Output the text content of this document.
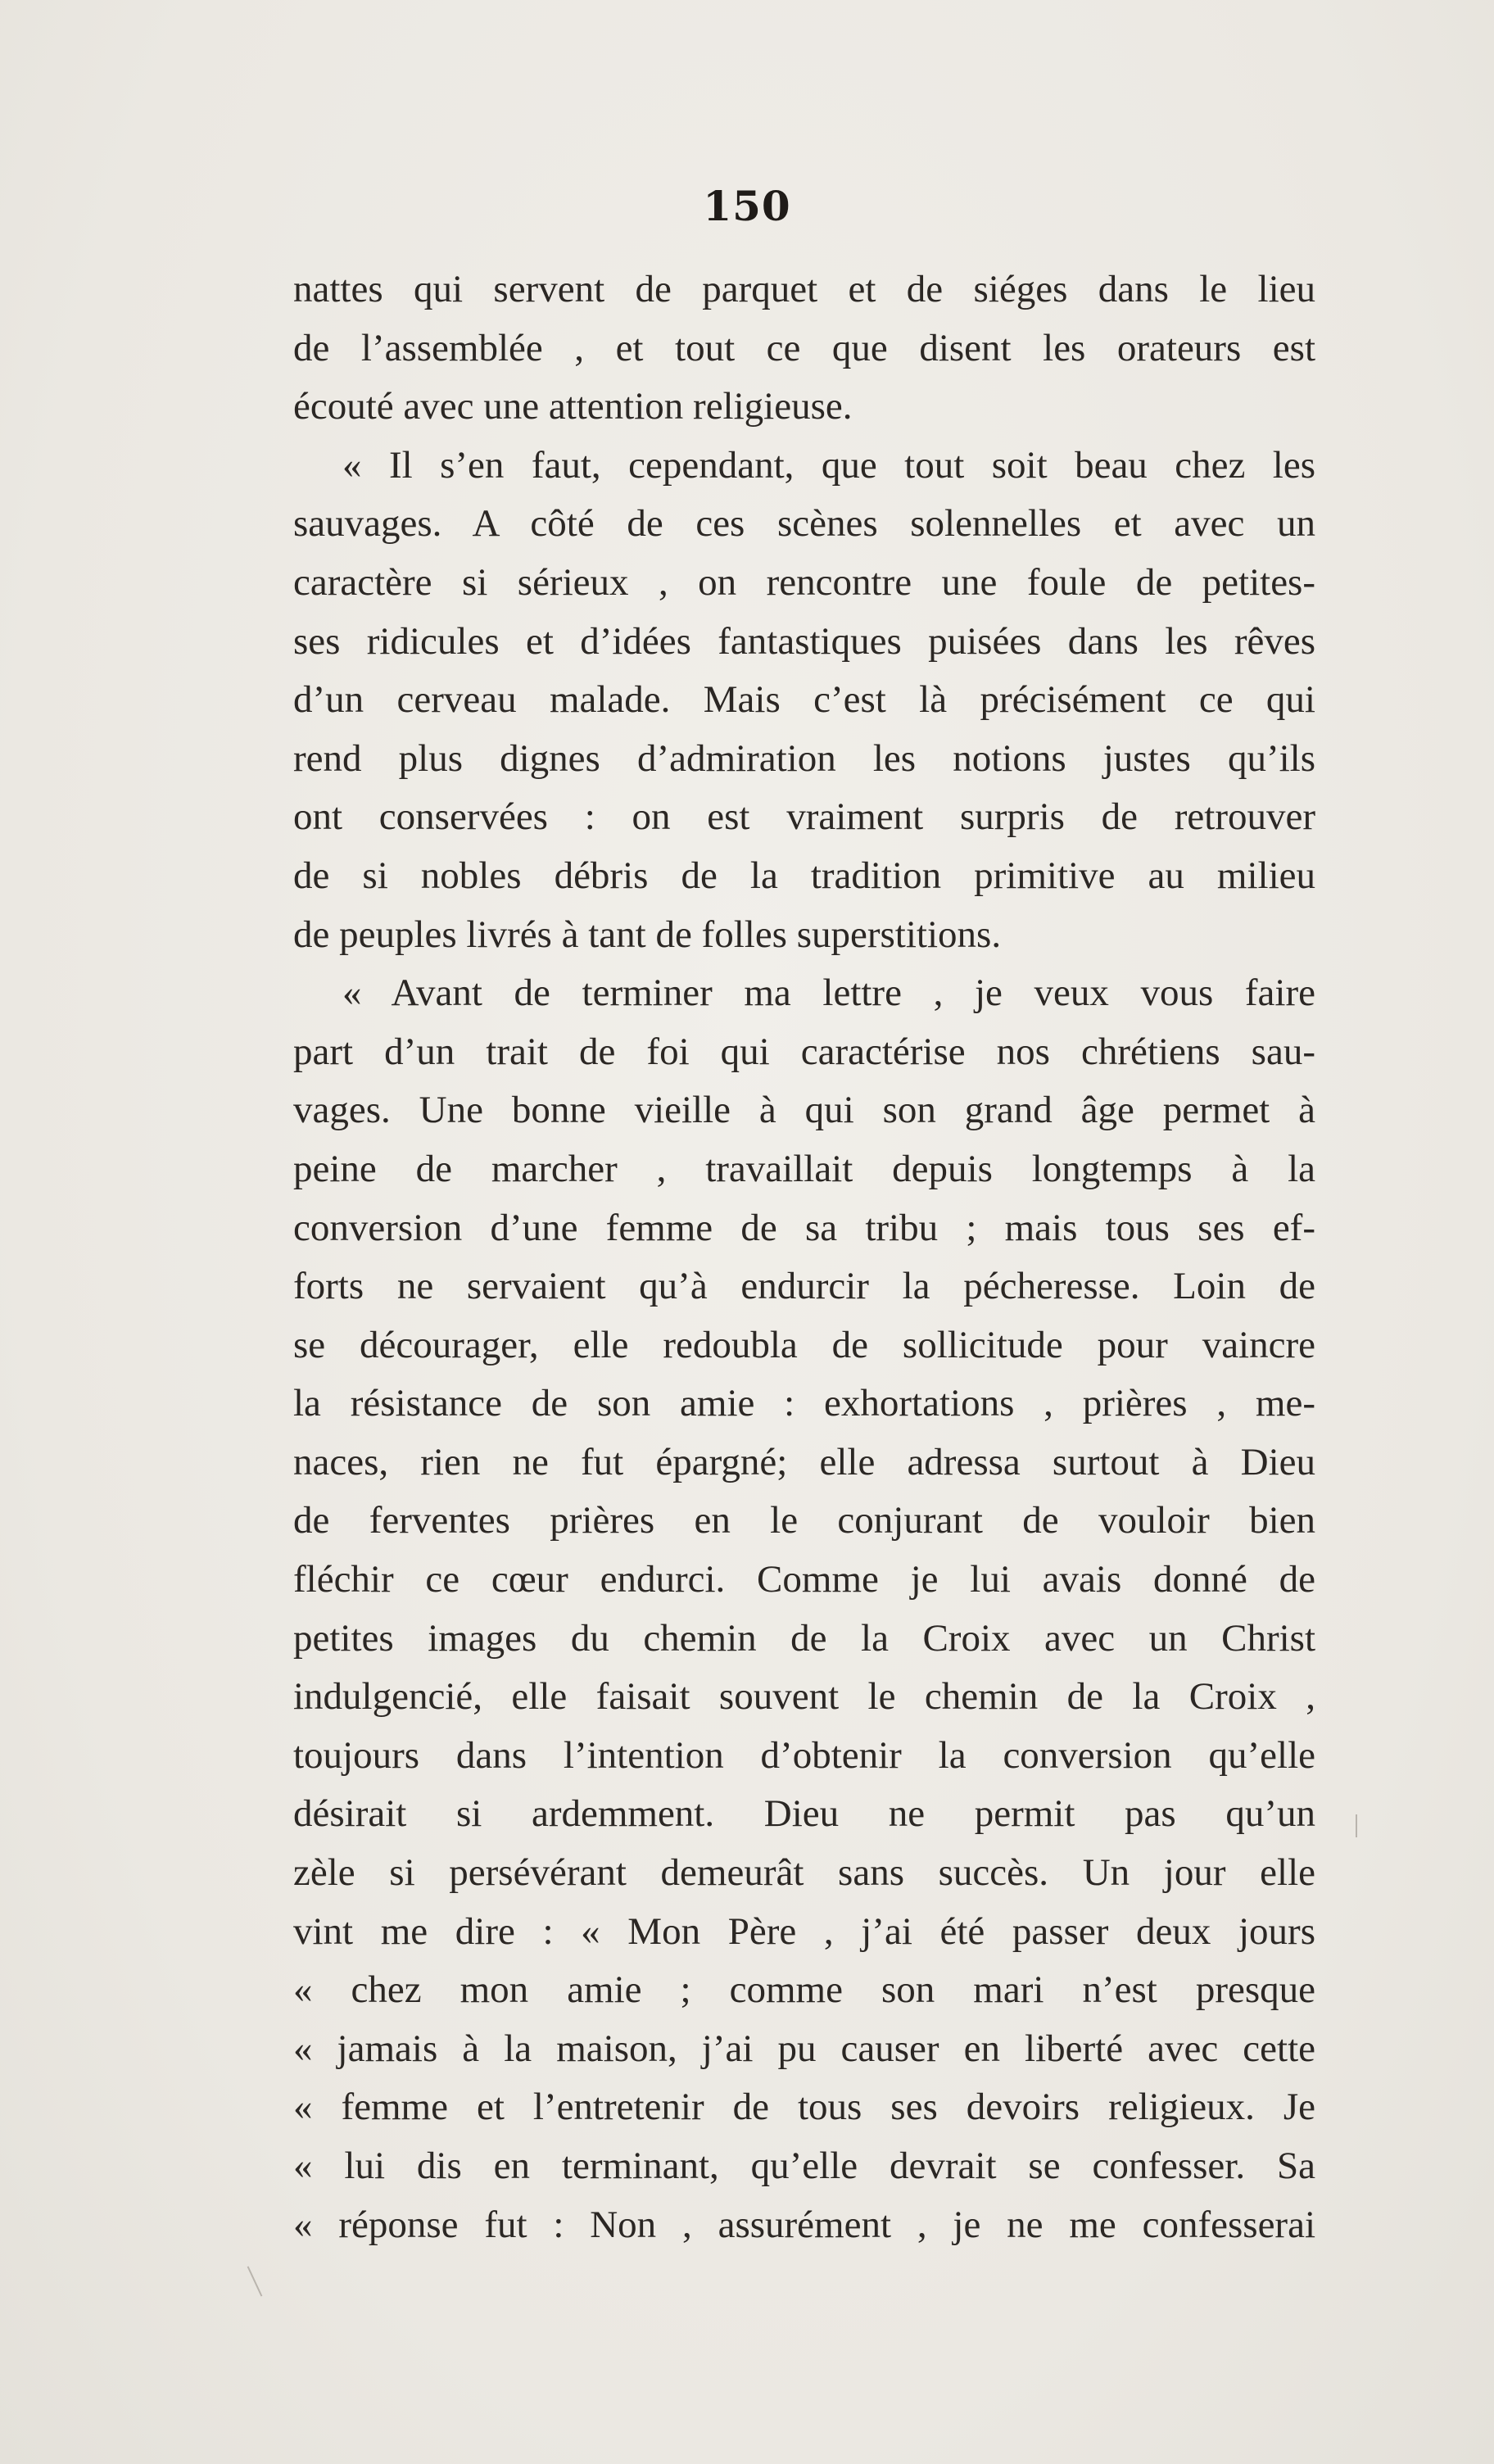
150
nattes qui servent de parquet et de siéges dans le lieu
de l’assemblée , et tout ce que disent les orateurs est
écouté avec une attention religieuse.
« Il s’en faut, cependant, que tout soit beau chez les
sauvages. A côté de ces scènes solennelles et avec un
caractère si sérieux , on rencontre une foule de petites-
ses ridicules et d’idées fantastiques puisées dans les rêves
d’un cerveau malade. Mais c’est là précisément ce qui
rend plus dignes d’admiration les notions justes qu’ils
ont conservées : on est vraiment surpris de retrouver
de si nobles débris de la tradition primitive au milieu
de peuples livrés à tant de folles superstitions.
« Avant de terminer ma lettre , je veux vous faire
part d’un trait de foi qui caractérise nos chrétiens sau-
vages. Une bonne vieille à qui son grand âge permet à
peine de marcher , travaillait depuis longtemps à la
conversion d’une femme de sa tribu ; mais tous ses ef-
forts ne servaient qu’à endurcir la pécheresse. Loin de
se décourager, elle redoubla de sollicitude pour vaincre
la résistance de son amie : exhortations , prières , me-
naces, rien ne fut épargné; elle adressa surtout à Dieu
de ferventes prières en le conjurant de vouloir bien
fléchir ce cœur endurci. Comme je lui avais donné de
petites images du chemin de la Croix avec un Christ
indulgencié, elle faisait souvent le chemin de la Croix ,
toujours dans l’intention d’obtenir la conversion qu’elle
désirait si ardemment. Dieu ne permit pas qu’un
zèle si persévérant demeurât sans succès. Un jour elle
vint me dire : « Mon Père , j’ai été passer deux jours
« chez mon amie ; comme son mari n’est presque
« jamais à la maison, j’ai pu causer en liberté avec cette
« femme et l’entretenir de tous ses devoirs religieux. Je
« lui dis en terminant, qu’elle devrait se confesser. Sa
« réponse fut : Non , assurément , je ne me confesserai
